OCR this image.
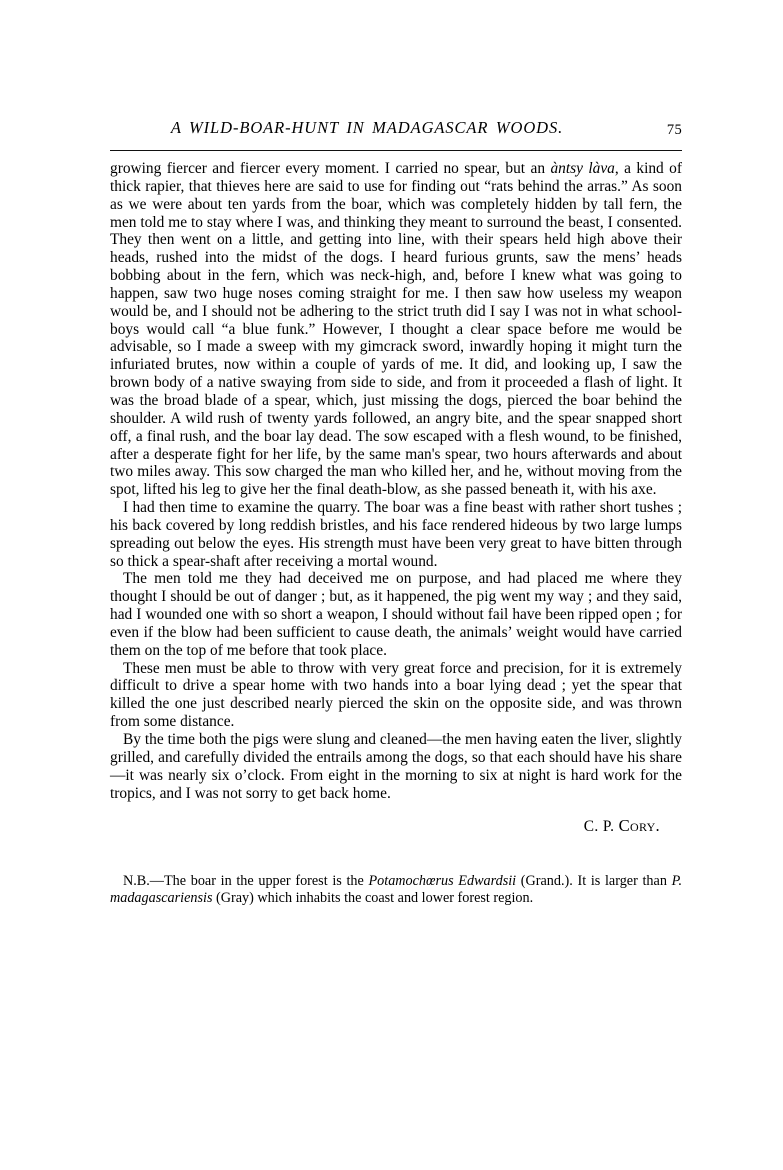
A WILD-BOAR-HUNT IN MADAGASCAR WOODS.	75

growing fiercer and fiercer every moment. I carried no spear, but an àntsy làva, a kind of thick rapier, that thieves here are said to use for finding out “rats behind the arras.” As soon as we were about ten yards from the boar, which was completely hidden by tall fern, the men told me to stay where I was, and thinking they meant to surround the beast, I consented. They then went on a little, and getting into line, with their spears held high above their heads, rushed into the midst of the dogs. I heard furious grunts, saw the mens’ heads bobbing about in the fern, which was neck-high, and, before I knew what was going to happen, saw two huge noses coming straight for me. I then saw how useless my weapon would be, and I should not be adhering to the strict truth did I say I was not in what school-boys would call “a blue funk.” However, I thought a clear space before me would be advisable, so I made a sweep with my gimcrack sword, inwardly hoping it might turn the infuriated brutes, now within a couple of yards of me. It did, and looking up, I saw the brown body of a native swaying from side to side, and from it proceeded a flash of light. It was the broad blade of a spear, which, just missing the dogs, pierced the boar behind the shoulder. A wild rush of twenty yards followed, an angry bite, and the spear snapped short off, a final rush, and the boar lay dead. The sow escaped with a flesh wound, to be finished, after a desperate fight for her life, by the same man's spear, two hours afterwards and about two miles away. This sow charged the man who killed her, and he, without moving from the spot, lifted his leg to give her the final death-blow, as she passed beneath it, with his axe.

I had then time to examine the quarry. The boar was a fine beast with rather short tushes ; his back covered by long reddish bristles, and his face rendered hideous by two large lumps spreading out below the eyes. His strength must have been very great to have bitten through so thick a spear-shaft after receiving a mortal wound.

The men told me they had deceived me on purpose, and had placed me where they thought I should be out of danger ; but, as it happened, the pig went my way ; and they said, had I wounded one with so short a weapon, I should without fail have been ripped open ; for even if the blow had been sufficient to cause death, the animals’ weight would have carried them on the top of me before that took place.

These men must be able to throw with very great force and precision, for it is extremely difficult to drive a spear home with two hands into a boar lying dead ; yet the spear that killed the one just described nearly pierced the skin on the opposite side, and was thrown from some distance.

By the time both the pigs were slung and cleaned—the men having eaten the liver, slightly grilled, and carefully divided the entrails among the dogs, so that each should have his share—it was nearly six o’clock. From eight in the morning to six at night is hard work for the tropics, and I was not sorry to get back home.

C. P. Cory.
N.B.—The boar in the upper forest is the Potamochœrus Edwardsii (Grand.). It is larger than P. madagascariensis (Gray) which inhabits the coast and lower forest region.
